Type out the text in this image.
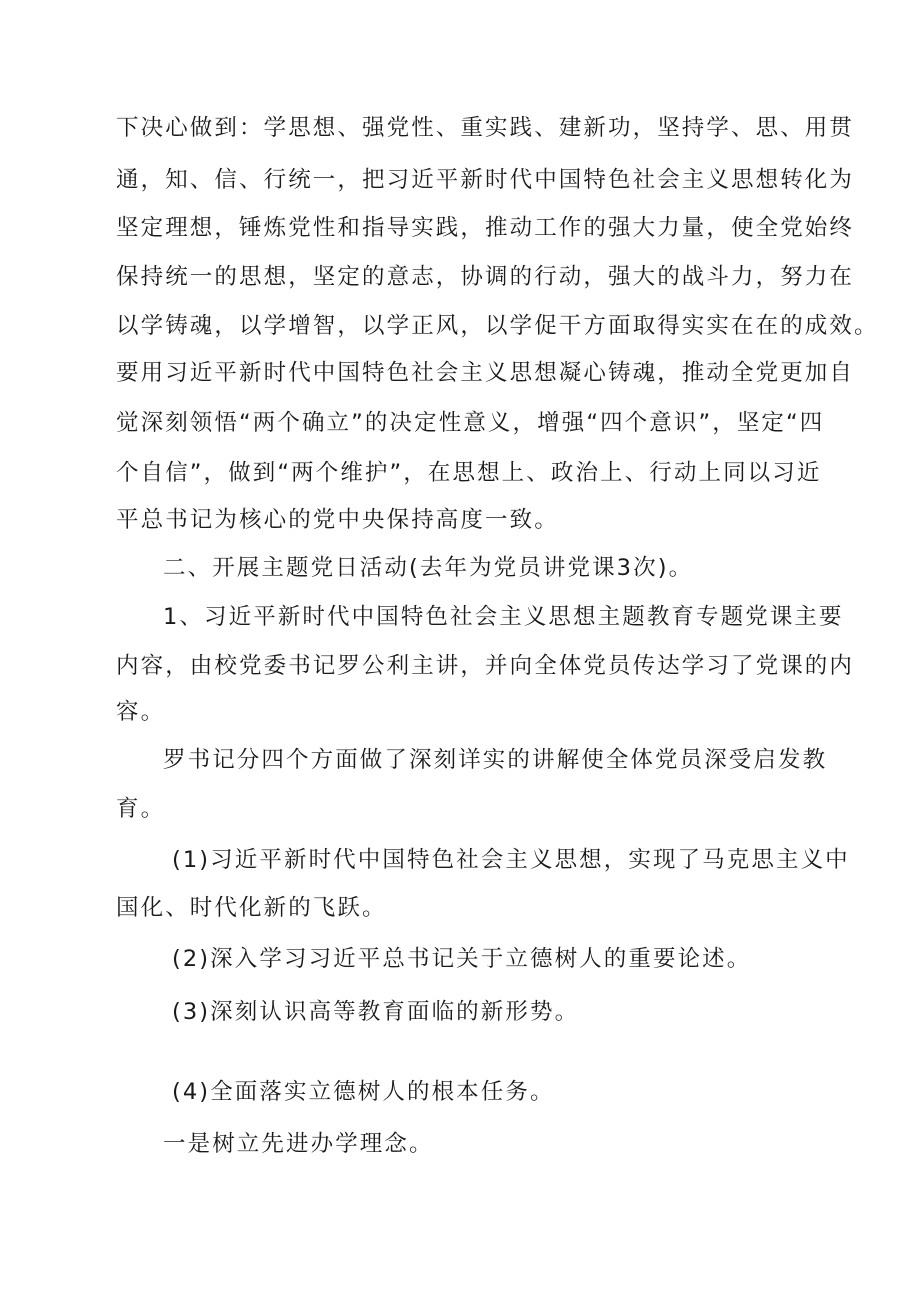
下决心做到：学思想、强党性、重实践、建新功，坚持学、思、用贯

通，知、信、行统一，把习近平新时代中国特色社会主义思想转化为

坚定理想，锤炼党性和指导实践，推动工作的强大力量，使全党始终

保持统一的思想，坚定的意志，协调的行动，强大的战斗力，努力在

以学铸魂，以学增智，以学正风，以学促干方面取得实实在在的成效。

要用习近平新时代中国特色社会主义思想凝心铸魂，推动全党更加自

觉深刻领悟“两个确立”的决定性意义，增强“四个意识”，坚定“四

个自信”，做到“两个维护”，在思想上、政治上、行动上同以习近

平总书记为核心的党中央保持高度一致。

二、开展主题党日活动(去年为党员讲党课3次)。

1、习近平新时代中国特色社会主义思想主题教育专题党课主要

内容，由校党委书记罗公利主讲，并向全体党员传达学习了党课的内

容。

罗书记分四个方面做了深刻详实的讲解使全体党员深受启发教

育。

(1)习近平新时代中国特色社会主义思想，实现了马克思主义中

国化、时代化新的飞跃。

(2)深入学习习近平总书记关于立德树人的重要论述。

(3)深刻认识高等教育面临的新形势。

(4)全面落实立德树人的根本任务。

一是树立先进办学理念。
